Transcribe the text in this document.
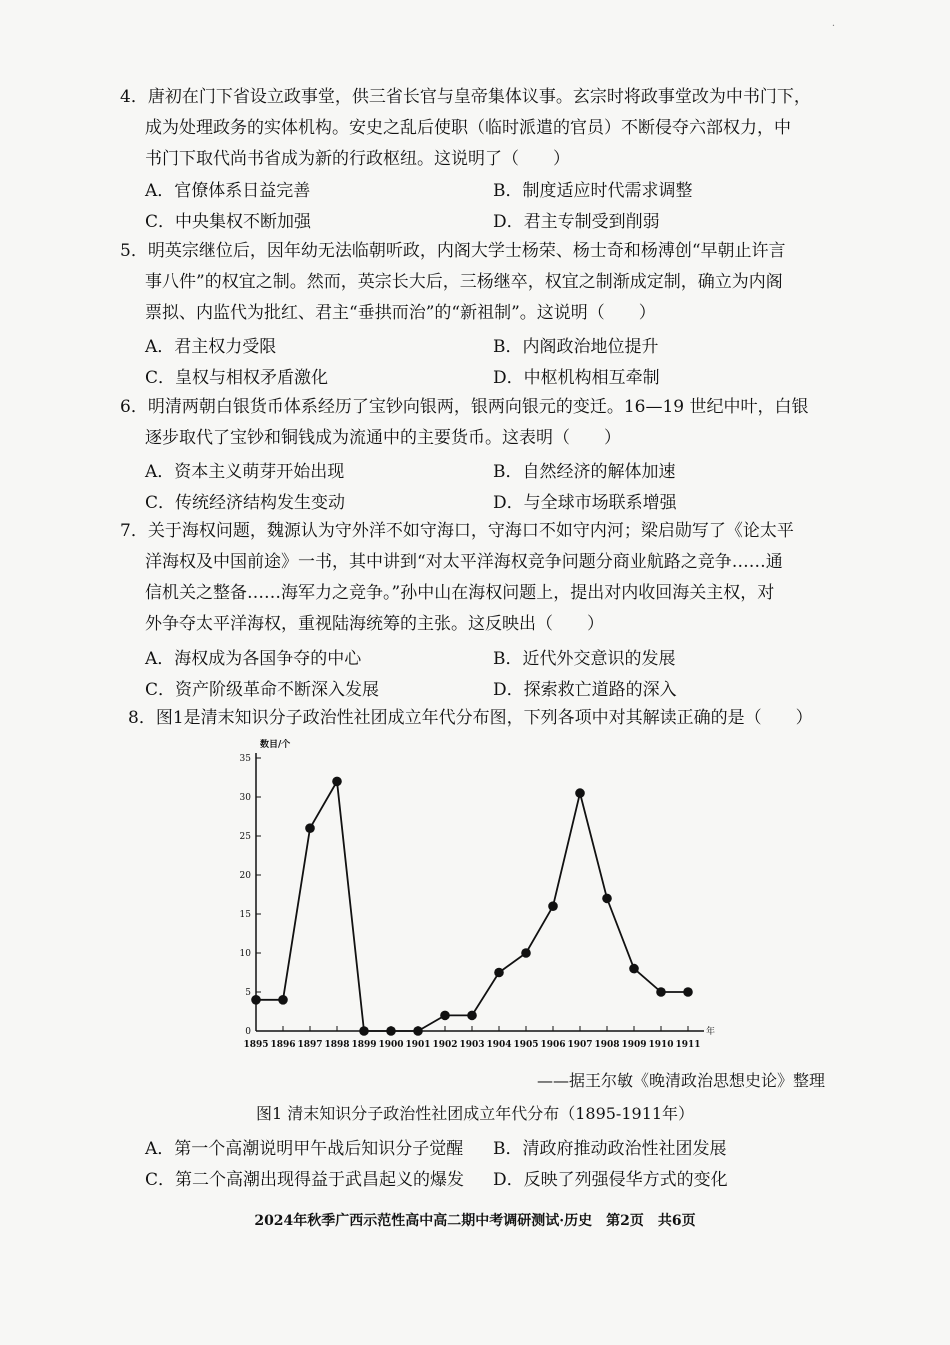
.
4．唐初在门下省设立政事堂，供三省长官与皇帝集体议事。玄宗时将政事堂改为中书门下，
成为处理政务的实体机构。安史之乱后使职（临时派遣的官员）不断侵夺六部权力，中
书门下取代尚书省成为新的行政枢纽。这说明了（　　）
A．官僚体系日益完善	B．制度适应时代需求调整
C．中央集权不断加强	D．君主专制受到削弱
5．明英宗继位后，因年幼无法临朝听政，内阁大学士杨荣、杨士奇和杨溥创“早朝止许言
事八件”的权宜之制。然而，英宗长大后，三杨继卒，权宜之制渐成定制，确立为内阁
票拟、内监代为批红、君主“垂拱而治”的“新祖制”。这说明（　　）
A．君主权力受限	B．内阁政治地位提升
C．皇权与相权矛盾激化	D．中枢机构相互牵制
6．明清两朝白银货币体系经历了宝钞向银两，银两向银元的变迁。16—19 世纪中叶，白银
逐步取代了宝钞和铜钱成为流通中的主要货币。这表明（　　）
A．资本主义萌芽开始出现	B．自然经济的解体加速
C．传统经济结构发生变动	D．与全球市场联系增强
7．关于海权问题，魏源认为守外洋不如守海口，守海口不如守内河；梁启勋写了《论太平
洋海权及中国前途》一书，其中讲到“对太平洋海权竞争问题分商业航路之竞争……通
信机关之整备……海军力之竞争。”孙中山在海权问题上，提出对内收回海关主权，对
外争夺太平洋海权，重视陆海统筹的主张。这反映出（　　）
A．海权成为各国争夺的中心	B．近代外交意识的发展
C．资产阶级革命不断深入发展	D．探索救亡道路的深入
8．图1是清末知识分子政治性社团成立年代分布图，下列各项中对其解读正确的是（　　）
0
5
10
15
20
25
30
35
数目/个
年
1895 1896 1897 1898 1899 1900 1901 1902 1903 1904 1905 1906 1907 1908 1909 1910 1911
——据王尔敏《晚清政治思想史论》整理
图1 清末知识分子政治性社团成立年代分布（1895-1911年）
A．第一个高潮说明甲午战后知识分子觉醒 B．清政府推动政治性社团发展
C．第二个高潮出现得益于武昌起义的爆发 D．反映了列强侵华方式的变化
2024年秋季广西示范性高中高二期中考调研测试·历史　第2页　共6页
